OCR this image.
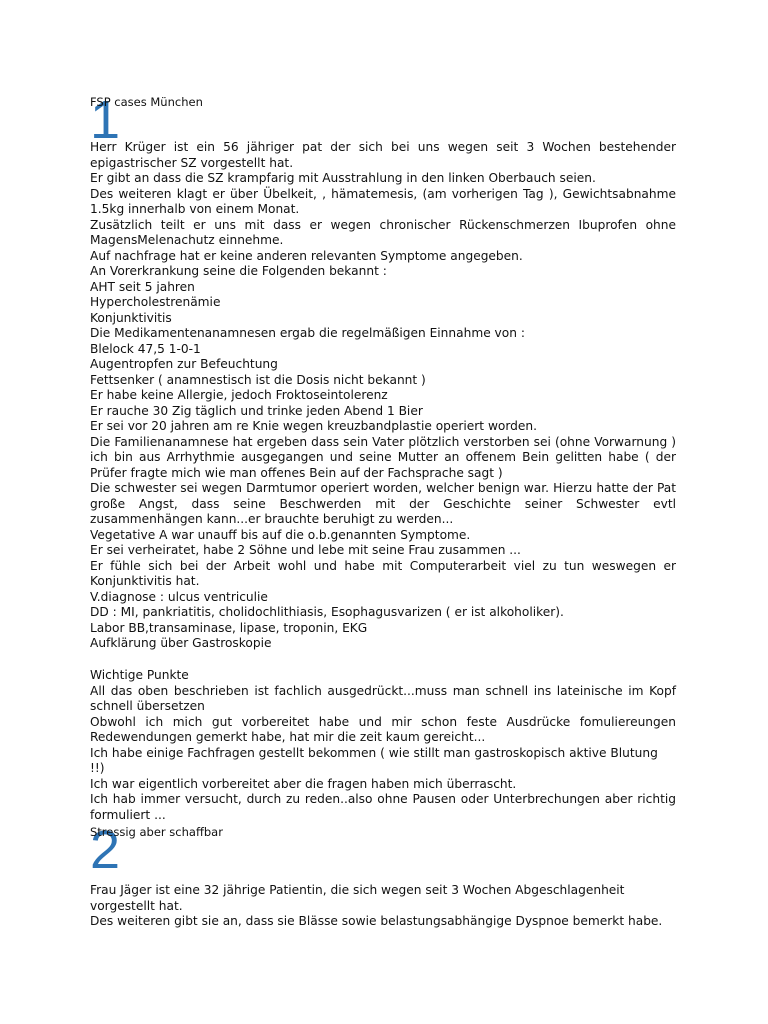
1
FSP cases München

Herr Krüger ist ein 56 jähriger pat der sich bei uns wegen seit 3 Wochen bestehender epigastrischer SZ vorgestellt hat.

Er gibt an dass die SZ krampfarig mit Ausstrahlung in den linken Oberbauch seien.

Des weiteren klagt er über Übelkeit, , hämatemesis, (am vorherigen Tag ), Gewichtsabnahme 1.5kg innerhalb von einem Monat.

Zusätzlich teilt er uns mit dass er wegen chronischer Rückenschmerzen Ibuprofen ohne MagensMelenachutz einnehme.

Auf nachfrage hat er keine anderen relevanten Symptome angegeben.

An Vorerkrankung seine die Folgenden bekannt :

AHT seit 5 jahren

Hypercholestrenämie

Konjunktivitis

Die Medikamentenanamnesen ergab die regelmäßigen Einnahme von :

Blelock 47,5 1-0-1

Augentropfen zur Befeuchtung

Fettsenker ( anamnestisch ist die Dosis nicht bekannt )

Er habe keine Allergie, jedoch Froktoseintolerenz

Er rauche 30 Zig täglich und trinke jeden Abend 1 Bier

Er sei vor 20 jahren am re Knie wegen kreuzbandplastie operiert worden.

Die Familienanamnese hat ergeben dass sein Vater plötzlich verstorben sei (ohne Vorwarnung ) ich bin aus Arrhythmie ausgegangen und seine Mutter an offenem Bein gelitten habe ( der Prüfer fragte mich wie man offenes Bein auf der Fachsprache sagt )

Die schwester sei wegen Darmtumor operiert worden, welcher benign war. Hierzu hatte der Pat große Angst, dass seine Beschwerden mit der Geschichte seiner Schwester evtl zusammenhängen kann...er brauchte beruhigt zu werden...

Vegetative A war unauff bis auf die o.b.genannten Symptome.

Er sei verheiratet, habe 2 Söhne und lebe mit seine Frau zusammen ...

Er fühle sich bei der Arbeit wohl und habe mit Computerarbeit viel zu tun weswegen er Konjunktivitis hat.

V.diagnose : ulcus ventriculie

DD : MI, pankriatitis, cholidochlithiasis, Esophagusvarizen ( er ist alkoholiker).

Labor BB,transaminase, lipase, troponin, EKG

Aufklärung über Gastroskopie

Wichtige Punkte

All das oben beschrieben ist fachlich ausgedrückt...muss man schnell ins lateinische im Kopf schnell übersetzen

Obwohl ich mich gut vorbereitet habe und mir schon feste Ausdrücke fomuliereungen Redewendungen gemerkt habe, hat mir die zeit kaum gereicht...

Ich habe einige Fachfragen gestellt bekommen ( wie stillt man gastroskopisch aktive Blutung !!)

Ich war eigentlich vorbereitet aber die fragen haben mich überrascht.

Ich hab immer versucht, durch zu reden..also ohne Pausen oder Unterbrechungen aber richtig formuliert ...

2
Stressig aber schaffbar

Frau Jäger ist eine 32 jährige Patientin, die sich wegen seit 3 Wochen Abgeschlagenheit vorgestellt hat.

Des weiteren gibt sie an, dass sie Blässe sowie belastungsabhängige Dyspnoe bemerkt habe.
